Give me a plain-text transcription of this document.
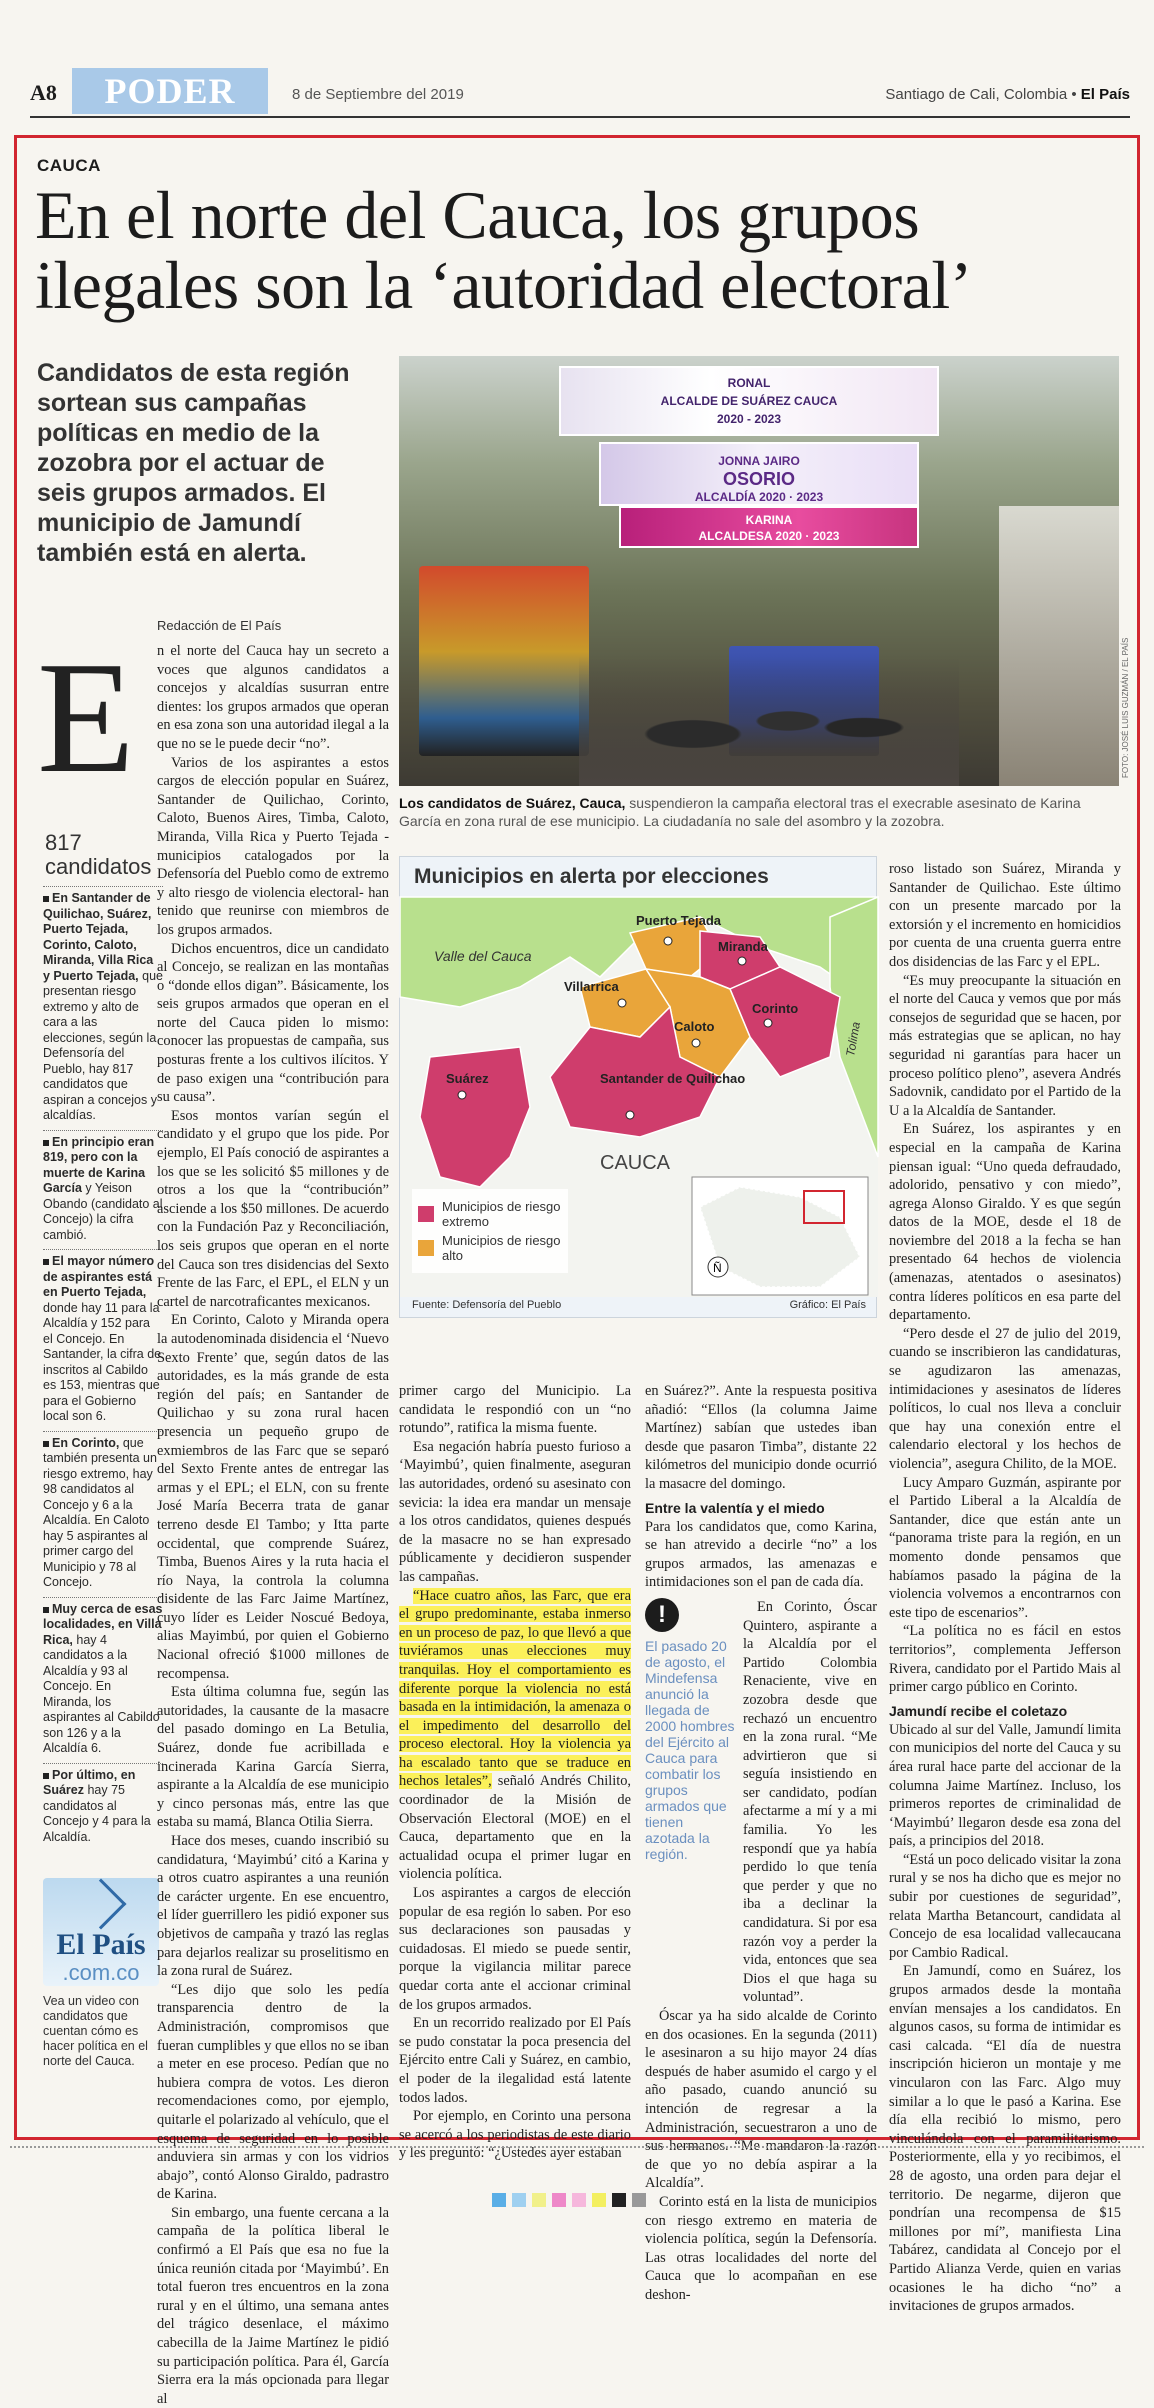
A8	PODER	8 de Septiembre del 2019	Santiago de Cali, Colombia • El País
CAUCA
En el norte del Cauca, los grupos ilegales son la ‘autoridad electoral’
Candidatos de esta región sortean sus campañas políticas en medio de la zozobra por el actuar de seis grupos armados. El municipio de Jamundí también está en alerta.
RONAL
ALCALDE DE SUÁREZ CAUCA
2020 - 2023
JONNA JAIRO
OSORIO
ALCALDÍA 2020 · 2023
KARINA
ALCALDESA 2020 · 2023
FOTO: JOSÉ LUIS GUZMÁN / EL PAÍS
Los candidatos de Suárez, Cauca, suspendieron la campaña electoral tras el execrable asesinato de Karina García en zona rural de ese municipio. La ciudadanía no sale del asombro y la zozobra.
Redacción de El País
E
817
candidatos
En Santander de Quilichao, Suárez, Puerto Tejada, Corinto, Caloto, Miranda, Villa Rica y Puerto Tejada, que presentan riesgo extremo y alto de cara a las elecciones, según la Defensoría del Pueblo, hay 817 candidatos que aspiran a concejos y alcaldías.
En principio eran 819, pero con la muerte de Karina García y Yeison Obando (candidato al Concejo) la cifra cambió.
El mayor número de aspirantes está en Puerto Tejada, donde hay 11 para la Alcaldía y 152 para el Concejo. En Santander, la cifra de inscritos al Cabildo es 153, mientras que para el Gobierno local son 6.
En Corinto, que también presenta un riesgo extremo, hay 98 candidatos al Concejo y 6 a la Alcaldía. En Caloto hay 5 aspirantes al primer cargo del Municipio y 78 al Concejo.
Muy cerca de esas localidades, en Villa Rica, hay 4 candidatos a la Alcaldía y 93 al Concejo. En Miranda, los aspirantes al Cabildo son 126 y a la Alcaldía 6.
Por último, en Suárez hay 75 candidatos al Concejo y 4 para la Alcaldía.
El País
.com.co
Vea un video con candidatos que cuentan cómo es hacer política en el norte del Cauca.

n el norte del Cauca hay un secreto a voces que algunos candidatos a concejos y alcaldías susurran entre dientes: los grupos armados que operan en esa zona son una autoridad ilegal a la que no se le puede decir “no”.

Varios de los aspirantes a estos cargos de elección popular en Suárez, Santander de Quilichao, Corinto, Caloto, Buenos Aires, Timba, Caloto, Miranda, Villa Rica y Puerto Tejada -municipios catalogados por la Defensoría del Pueblo como de extremo y alto riesgo de violencia electoral- han tenido que reunirse con miembros de los grupos armados.

Dichos encuentros, dice un candidato al Concejo, se realizan en las montañas o “donde ellos digan”. Básicamente, los seis grupos armados que operan en el norte del Cauca piden lo mismo: conocer las propuestas de campaña, sus posturas frente a los cultivos ilícitos. Y de paso exigen una “contribución para su causa”.

Esos montos varían según el candidato y el grupo que los pide. Por ejemplo, El País conoció de aspirantes a los que se les solicitó $5 millones y de otros a los que la “contribución” asciende a los $50 millones. De acuerdo con la Fundación Paz y Reconciliación, los seis grupos que operan en el norte del Cauca son tres disidencias del Sexto Frente de las Farc, el EPL, el ELN y un cartel de narcotraficantes mexicanos.

En Corinto, Caloto y Miranda opera la autodenominada disidencia el ‘Nuevo Sexto Frente’ que, según datos de las autoridades, es la más grande de esta región del país; en Santander de Quilichao y su zona rural hacen presencia un pequeño grupo de exmiembros de las Farc que se separó del Sexto Frente antes de entregar las armas y el EPL; el ELN, con su frente José María Becerra trata de ganar terreno desde El Tambo; y Itta parte occidental, que comprende Suárez, Timba, Buenos Aires y la ruta hacia el río Naya, la controla la columna disidente de las Farc Jaime Martínez, cuyo líder es Leider Noscué Bedoya, alias Mayimbú, por quien el Gobierno Nacional ofreció $1000 millones de recompensa.

Esta última columna fue, según las autoridades, la causante de la masacre del pasado domingo en La Betulia, Suárez, donde fue acribillada e incinerada Karina García Sierra, aspirante a la Alcaldía de ese municipio y cinco personas más, entre las que estaba su mamá, Blanca Otilia Sierra.

Hace dos meses, cuando inscribió su candidatura, ‘Mayimbú’ citó a Karina y a otros cuatro aspirantes a una reunión de carácter urgente. En ese encuentro, el líder guerrillero les pidió exponer sus objetivos de campaña y trazó las reglas para dejarlos realizar su proselitismo en la zona rural de Suárez.

“Les dijo que solo les pedía transparencia dentro de la Administración, compromisos que fueran cumplibles y que ellos no se iban a meter en ese proceso. Pedían que no hubiera compra de votos. Les dieron recomendaciones como, por ejemplo, quitarle el polarizado al vehículo, que el esquema de seguridad en lo posible anduviera sin armas y con los vidrios abajo”, contó Alonso Giraldo, padrastro de Karina.

Sin embargo, una fuente cercana a la campaña de la política liberal le confirmó a El País que esa no fue la única reunión citada por ‘Mayimbú’. En total fueron tres encuentros en la zona rural y en el último, una semana antes del trágico desenlace, el máximo cabecilla de la Jaime Martínez le pidió su participación política. Para él, García Sierra era la más opcionada para llegar al

Ñ
Valle del Cauca
Tolima
CAUCA
Puerto Tejada
Miranda
Villarrica
Corinto
Caloto
Suárez	Santander de Quilichao
Municipios en alerta por elecciones
Municipios de riesgo extremo
Municipios de riesgo alto
Fuente: Defensoría del Pueblo	Gráfico: El País

primer cargo del Municipio. La candidata le respondió con un “no rotundo”, ratifica la misma fuente.

Esa negación habría puesto furioso a ‘Mayimbú’, quien finalmente, aseguran las autoridades, ordenó su asesinato con sevicia: la idea era mandar un mensaje a los otros candidatos, quienes después de la masacre no se han expresado públicamente y decidieron suspender las campañas.

“Hace cuatro años, las Farc, que era el grupo predominante, estaba inmerso en un proceso de paz, lo que llevó a que tuviéramos unas elecciones muy tranquilas. Hoy el comportamiento es diferente porque la violencia no está basada en la intimidación, la amenaza o el impedimento del desarrollo del proceso electoral. Hoy la violencia ya ha escalado tanto que se traduce en hechos letales”, señaló Andrés Chilito, coordinador de la Misión de Observación Electoral (MOE) en el Cauca, departamento que en la actualidad ocupa el primer lugar en violencia política.

Los aspirantes a cargos de elección popular de esa región lo saben. Por eso sus declaraciones son pausadas y cuidadosas. El miedo se puede sentir, porque la vigilancia militar parece quedar corta ante el accionar criminal de los grupos armados.

En un recorrido realizado por El País se pudo constatar la poca presencia del Ejército entre Cali y Suárez, en cambio, el poder de la ilegalidad está latente todos lados.

Por ejemplo, en Corinto una persona se acercó a los periodistas de este diario y les preguntó: “¿Ustedes ayer estaban

en Suárez?”. Ante la respuesta positiva añadió: “Ellos (la columna Jaime Martínez) sabían que ustedes iban desde que pasaron Timba”, distante 22 kilómetros del municipio donde ocurrió la masacre del domingo.

Entre la valentía y el miedo

Para los candidatos que, como Karina, se han atrevido a decirle “no” a los grupos armados, las amenazas e intimidaciones son el pan de cada día.

!
El pasado 20 de agosto, el Mindefensa anunció la llegada de 2000 hombres del Ejército al Cauca para combatir los grupos armados que tienen azotada la región.

En Corinto, Óscar Quintero, aspirante a la Alcaldía por el Partido Colombia Renaciente, vive en zozobra desde que rechazó un encuentro en la zona rural. “Me advirtieron que si seguía insistiendo en ser candidato, podían afectarme a mí y a mi familia. Yo les respondí que ya había perdido lo que tenía que perder y que no iba a declinar la candidatura. Si por esa razón voy a perder la vida, entonces que sea Dios el que haga su voluntad”.

Óscar ya ha sido alcalde de Corinto en dos ocasiones. En la segunda (2011) le asesinaron a su hijo mayor 24 días después de haber asumido el cargo y el año pasado, cuando anunció su intención de regresar a la Administración, secuestraron a uno de sus hermanos. “Me mandaron la razón de que yo no debía aspirar a la Alcaldía”.

Corinto está en la lista de municipios con riesgo extremo en materia de violencia política, según la Defensoría. Las otras localidades del norte del Cauca que lo acompañan en ese deshon-

roso listado son Suárez, Miranda y Santander de Quilichao. Este último con un presente marcado por la extorsión y el incremento en homicidios por cuenta de una cruenta guerra entre dos disidencias de las Farc y el EPL.

“Es muy preocupante la situación en el norte del Cauca y vemos que por más consejos de seguridad que se hacen, por más estrategias que se aplican, no hay seguridad ni garantías para hacer un proceso político pleno”, asevera Andrés Sadovnik, candidato por el Partido de la U a la Alcaldía de Santander.

En Suárez, los aspirantes y en especial en la campaña de Karina piensan igual: “Uno queda defraudado, adolorido, pensativo y con miedo”, agrega Alonso Giraldo. Y es que según datos de la MOE, desde el 18 de noviembre del 2018 a la fecha se han presentado 64 hechos de violencia (amenazas, atentados o asesinatos) contra líderes políticos en esa parte del departamento.

“Pero desde el 27 de julio del 2019, cuando se inscribieron las candidaturas, se agudizaron las amenazas, intimidaciones y asesinatos de líderes políticos, lo cual nos lleva a concluir que hay una conexión entre el calendario electoral y los hechos de violencia”, asegura Chilito, de la MOE.

Lucy Amparo Guzmán, aspirante por el Partido Liberal a la Alcaldía de Santander, dice que están ante un “panorama triste para la región, en un momento donde pensamos que habíamos pasado la página de la violencia volvemos a encontrarnos con este tipo de escenarios”.

“La política no es fácil en estos territorios”, complementa Jefferson Rivera, candidato por el Partido Mais al primer cargo público en Corinto.

Jamundí recibe el coletazo

Ubicado al sur del Valle, Jamundí limita con municipios del norte del Cauca y su área rural hace parte del accionar de la columna Jaime Martínez. Incluso, los primeros reportes de criminalidad de ‘Mayimbú’ llegaron desde esa zona del país, a principios del 2018.

“Está un poco delicado visitar la zona rural y se nos ha dicho que es mejor no subir por cuestiones de seguridad”, relata Martha Betancourt, candidata al Concejo de esa localidad vallecaucana por Cambio Radical.

En Jamundí, como en Suárez, los grupos armados desde la montaña envían mensajes a los candidatos. En algunos casos, su forma de intimidar es casi calcada. “El día de nuestra inscripción hicieron un montaje y me vincularon con las Farc. Algo muy similar a lo que le pasó a Karina. Ese día ella recibió lo mismo, pero vinculándola con el paramilitarismo. Posteriormente, ella y yo recibimos, el 28 de agosto, una orden para dejar el territorio. De negarme, dijeron que pondrían una recompensa de $15 millones por mí”, manifiesta Lina Tabárez, candidata al Concejo por el Partido Alianza Verde, quien en varias ocasiones le ha dicho “no” a invitaciones de grupos armados.
